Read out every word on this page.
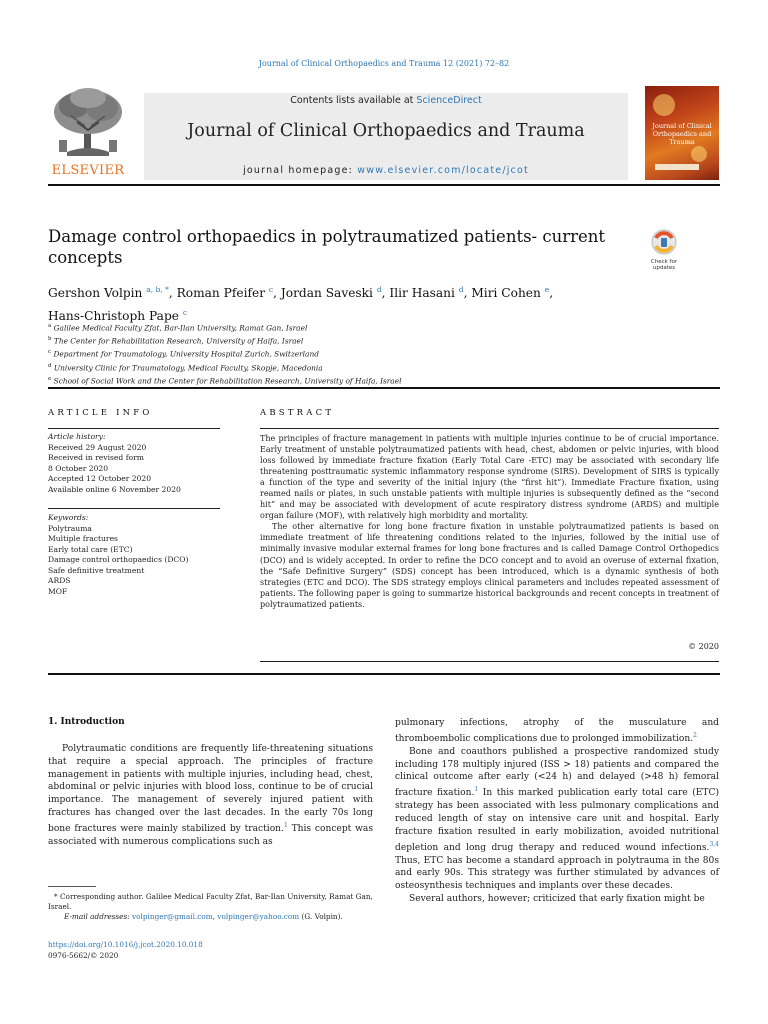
Journal of Clinical Orthopaedics and Trauma 12 (2021) 72–82
ELSEVIER
Contents lists available at ScienceDirect
Journal of Clinical Orthopaedics and Trauma
journal homepage: www.elsevier.com/locate/jcot
Journal of Clinical Orthopaedics and Trauma
Damage control orthopaedics in polytraumatized patients- current concepts	Check for updates
Gershon Volpin $^{a, b, *}$, Roman Pfeifer $^c$, Jordan Saveski $^d$, Ilir Hasani $^d$, Miri Cohen $^e$,
Hans-Christoph Pape $^c$
$^a$ Galilee Medical Faculty Zfat, Bar-Ilan University, Ramat Gan, Israel
$^b$ The Center for Rehabilitation Research, University of Haifa, Israel
$^c$ Department for Traumatology, University Hospital Zurich, Switzerland
$^d$ University Clinic for Traumatology, Medical Faculty, Skopje, Macedonia
$^e$ School of Social Work and the Center for Rehabilitation Research, University of Haifa, Israel
ARTICLE INFO	ABSTRACT
Article history:
Received 29 August 2020
Received in revised form
8 October 2020
Accepted 12 October 2020
Available online 6 November 2020
Keywords:
Polytrauma
Multiple fractures
Early total care (ETC)
Damage control orthopaedics (DCO)
Safe definitive treatment
ARDS
MOF

The principles of fracture management in patients with multiple injuries continue to be of crucial importance. Early treatment of unstable polytraumatized patients with head, chest, abdomen or pelvic injuries, with blood loss followed by immediate fracture fixation (Early Total Care -ETC) may be associated with secondary life threatening posttraumatic systemic inflammatory response syndrome (SIRS). Development of SIRS is typically a function of the type and severity of the initial injury (the “first hit”). Immediate Fracture fixation, using reamed nails or plates, in such unstable patients with multiple injuries is subsequently defined as the “second hit” and may be associated with development of acute respiratory distress syndrome (ARDS) and multiple organ failure (MOF), with relatively high morbidity and mortality.

The other alternative for long bone fracture fixation in unstable polytraumatized patients is based on immediate treatment of life threatening conditions related to the injuries, followed by the initial use of minimally invasive modular external frames for long bone fractures and is called Damage Control Orthopedics (DCO) and is widely accepted. In order to refine the DCO concept and to avoid an overuse of external fixation, the “Safe Definitive Surgery” (SDS) concept has been introduced, which is a dynamic synthesis of both strategies (ETC and DCO). The SDS strategy employs clinical parameters and includes repeated assessment of patients. The following paper is going to summarize historical backgrounds and recent concepts in treatment of polytraumatized patients.

© 2020
1. Introduction

Polytraumatic conditions are frequently life-threatening situations that require a special approach. The principles of fracture management in patients with multiple injuries, including head, chest, abdominal or pelvic injuries with blood loss, continue to be of crucial importance. The management of severely injured patient with fractures has changed over the last decades. In the early 70s long bone fractures were mainly stabilized by traction.$^1$ This concept was associated with numerous complications such as

pulmonary infections, atrophy of the musculature and thromboembolic complications due to prolonged immobilization.$^2$

Bone and coauthors published a prospective randomized study including 178 multiply injured (ISS > 18) patients and compared the clinical outcome after early (<24 h) and delayed (>48 h) femoral fracture fixation.$^1$ In this marked publication early total care (ETC) strategy has been associated with less pulmonary complications and reduced length of stay on intensive care unit and hospital. Early fracture fixation resulted in early mobilization, avoided nutritional depletion and long drug therapy and reduced wound infections.$^{3,4}$ Thus, ETC has become a standard approach in polytrauma in the 80s and early 90s. This strategy was further stimulated by advances of osteosynthesis techniques and implants over these decades.

Several authors, however; criticized that early fixation might be

* Corresponding author. Galilee Medical Faculty Zfat, Bar-Ilan University, Ramat Gan, Israel.
E-mail addresses: volpinger@gmail.com, volpinger@yahoo.com (G. Volpin).
https://doi.org/10.1016/j.jcot.2020.10.018
0976-5662/© 2020
